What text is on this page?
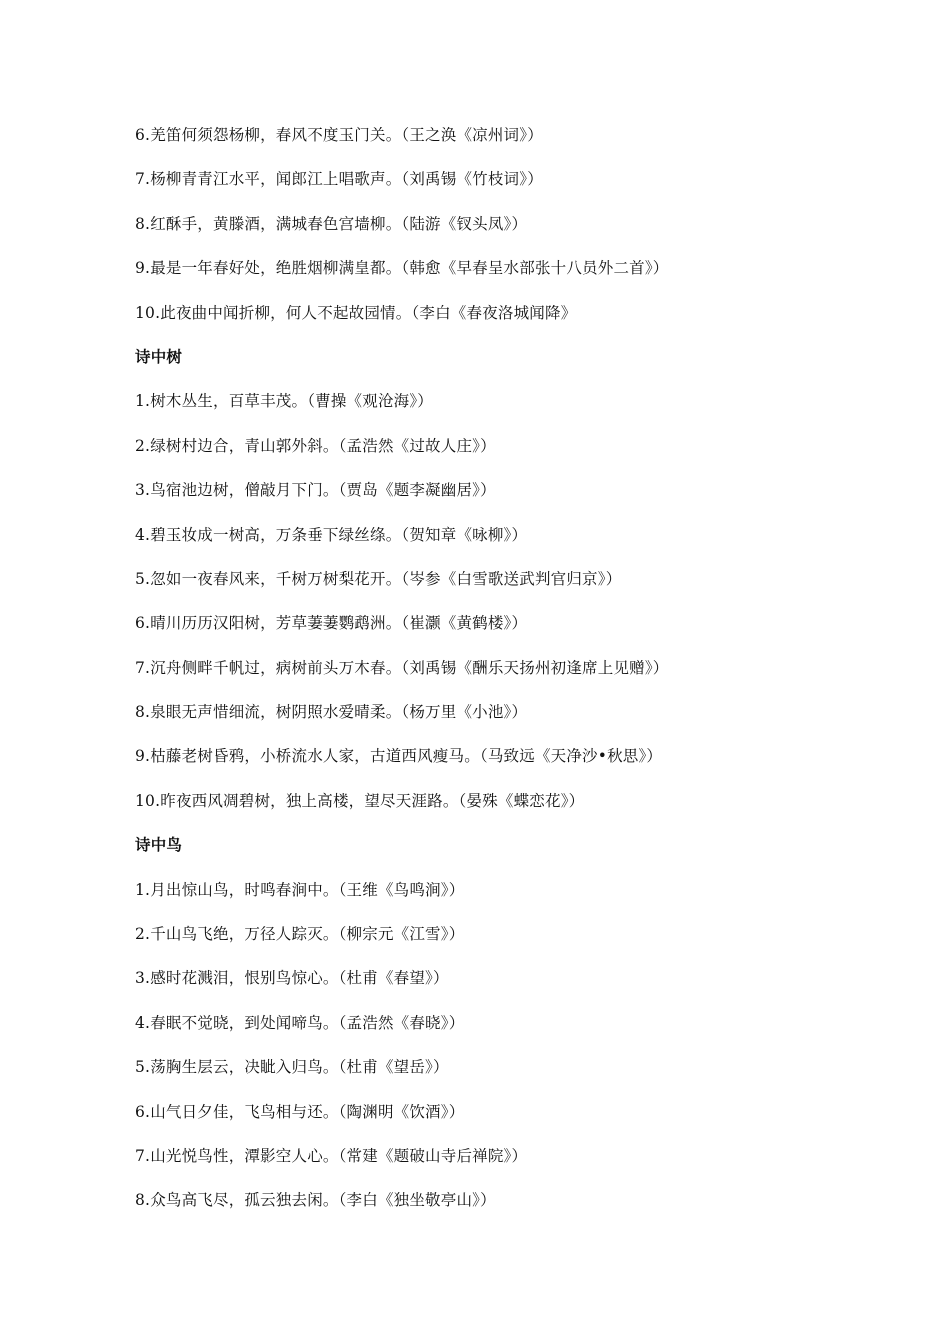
6.羌笛何须怨杨柳，春风不度玉门关。（王之涣《凉州词》）
7.杨柳青青江水平，闻郎江上唱歌声。（刘禹锡《竹枝词》）
8.红酥手，黄滕酒，满城春色宫墙柳。（陆游《钗头凤》）
9.最是一年春好处，绝胜烟柳满皇都。（韩愈《早春呈水部张十八员外二首》）
10.此夜曲中闻折柳，何人不起故园情。（李白《春夜洛城闻降》
诗中树
1.树木丛生，百草丰茂。（曹操《观沧海》）
2.绿树村边合，青山郭外斜。（孟浩然《过故人庄》）
3.鸟宿池边树，僧敲月下门。（贾岛《题李凝幽居》）
4.碧玉妆成一树高，万条垂下绿丝绦。（贺知章《咏柳》）
5.忽如一夜春风来，千树万树梨花开。（岑参《白雪歌送武判官归京》）
6.晴川历历汉阳树，芳草萋萋鹦鹉洲。（崔灏《黄鹤楼》）
7.沉舟侧畔千帆过，病树前头万木春。（刘禹锡《酬乐天扬州初逢席上见赠》）
8.泉眼无声惜细流，树阴照水爱晴柔。（杨万里《小池》）
9.枯藤老树昏鸦，小桥流水人家，古道西风瘦马。（马致远《天净沙•秋思》）
10.昨夜西风凋碧树，独上高楼，望尽天涯路。（晏殊《蝶恋花》）
诗中鸟
1.月出惊山鸟，时鸣春涧中。（王维《鸟鸣涧》）
2.千山鸟飞绝，万径人踪灭。（柳宗元《江雪》）
3.感时花溅泪，恨别鸟惊心。（杜甫《春望》）
4.春眠不觉晓，到处闻啼鸟。（孟浩然《春晓》）
5.荡胸生层云，决眦入归鸟。（杜甫《望岳》）
6.山气日夕佳，飞鸟相与还。（陶渊明《饮酒》）
7.山光悦鸟性，潭影空人心。（常建《题破山寺后禅院》）
8.众鸟高飞尽，孤云独去闲。（李白《独坐敬亭山》）
